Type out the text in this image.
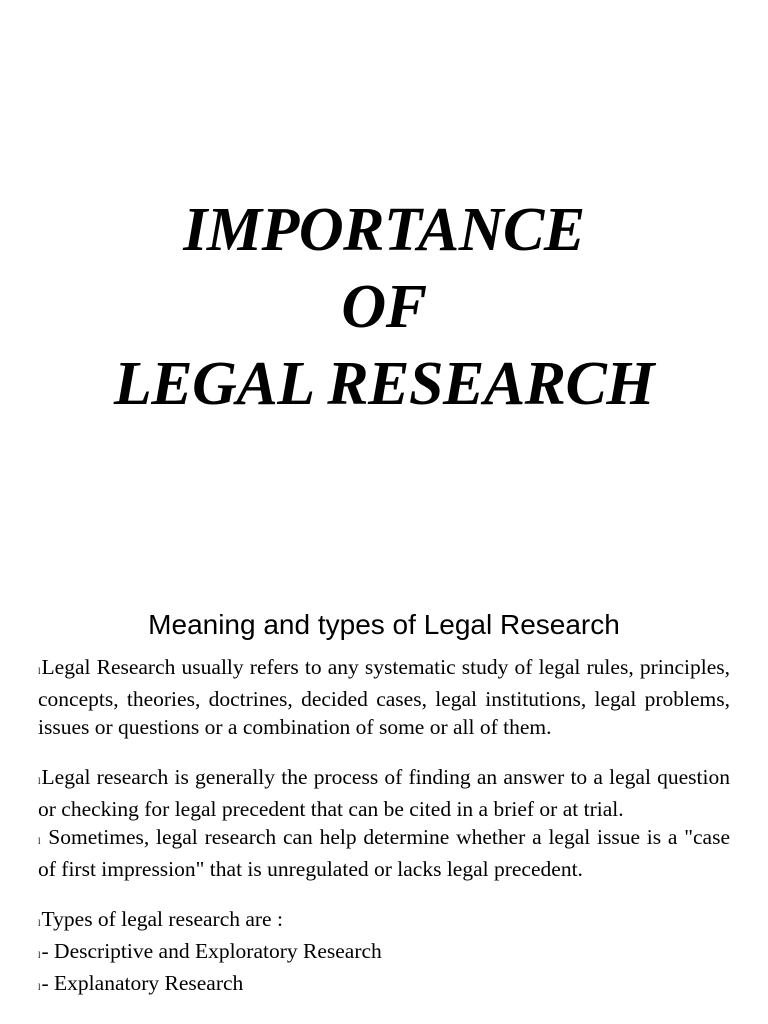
IMPORTANCE
OF
LEGAL RESEARCH
Meaning and types of Legal Research

lLegal Research usually refers to any systematic study of legal rules, principles, concepts, theories, doctrines, decided cases, legal institutions, legal problems, issues or questions or a combination of some or all of them.

lLegal research is generally the process of finding an answer to a legal question or checking for legal precedent that can be cited in a brief or at trial.

l Sometimes, legal research can help determine whether a legal issue is a "case of first impression" that is unregulated or lacks legal precedent.

lTypes of legal research are :

l- Descriptive and Exploratory Research

l- Explanatory Research
